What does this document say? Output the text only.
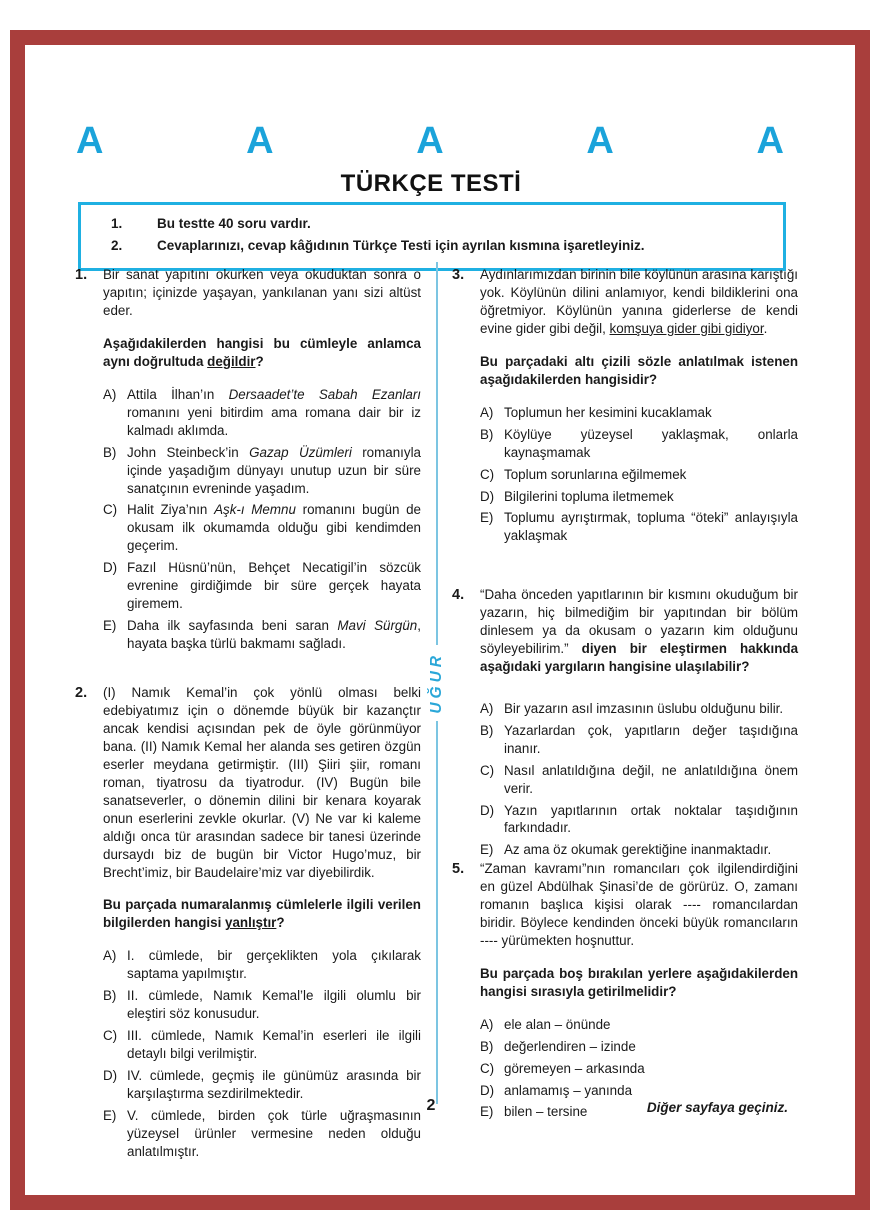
A	A	A	A	A
TÜRKÇE TESTİ
1.	Bu testte 40 soru vardır.
2.	Cevaplarınızı, cevap kâğıdının Türkçe Testi için ayrılan kısmına işaretleyiniz.
1.	Bir sanat yapıtını okurken veya okuduktan sonra o yapıtın; içinizde yaşayan, yankılanan yanı sizi altüst eder.

Aşağıdakilerden hangisi bu cümleyle anlamca aynı doğrultuda değildir?

A) Attila İlhan’ın Dersaadet’te Sabah Ezanları romanını yeni bitirdim ama romana dair bir iz kalmadı aklımda.
B) John Steinbeck’in Gazap Üzümleri romanıyla içinde yaşadığım dünyayı unutup uzun bir süre sanatçının evreninde yaşadım.
C) Halit Ziya’nın Aşk-ı Memnu romanını bugün de okusam ilk okumamda olduğu gibi kendimden geçerim.
D) Fazıl Hüsnü’nün, Behçet Necatigil’in sözcük evrenine girdiğimde bir süre gerçek hayata giremem.
E) Daha ilk sayfasında beni saran Mavi Sürgün, hayata başka türlü bakmamı sağladı.
2.	(I) Namık Kemal’in çok yönlü olması belki edebiyatımız için o dönemde büyük bir kazançtır ancak kendisi açısından pek de öyle görünmüyor bana. (II) Namık Kemal her alanda ses getiren özgün eserler meydana getirmiştir. (III) Şiiri şiir, romanı roman, tiyatrosu da tiyatrodur. (IV) Bugün bile sanatseverler, o dönemin dilini bir kenara koyarak onun eserlerini zevkle okurlar. (V) Ne var ki kaleme aldığı onca tür arasından sadece bir tanesi üzerinde dursaydı biz de bugün bir Victor Hugo’muz, bir Brecht’imiz, bir Baudelaire’miz var diyebilirdik.

Bu parçada numaralanmış cümlelerle ilgili verilen bilgilerden hangisi yanlıştır?

A) I. cümlede, bir gerçeklikten yola çıkılarak saptama yapılmıştır.
B) II. cümlede, Namık Kemal’le ilgili olumlu bir eleştiri söz konusudur.
C) III. cümlede, Namık Kemal’in eserleri ile ilgili detaylı bilgi verilmiştir.
D) IV. cümlede, geçmiş ile günümüz arasında bir karşılaştırma sezdirilmektedir.
E) V. cümlede, birden çok türle uğraşmasının yüzeysel ürünler vermesine neden olduğu anlatılmıştır.
3.	Aydınlarımızdan birinin bile köylünün arasına karıştığı yok. Köylünün dilini anlamıyor, kendi bildiklerini ona öğretmiyor. Köylünün yanına giderlerse de kendi evine gider gibi değil, komşuya gider gibi gidiyor.

Bu parçadaki altı çizili sözle anlatılmak istenen aşağıdakilerden hangisidir?

A) Toplumun her kesimini kucaklamak
B) Köylüye yüzeysel yaklaşmak, onlarla kaynaşmamak
C) Toplum sorunlarına eğilmemek
D) Bilgilerini topluma iletmemek
E) Toplumu ayrıştırmak, topluma “öteki” anlayışıyla yaklaşmak
4.	“Daha önceden yapıtlarının bir kısmını okuduğum bir yazarın, hiç bilmediğim bir yapıtından bir bölüm dinlesem ya da okusam o yazarın kim olduğunu söyleyebilirim.” diyen bir eleştirmen hakkında aşağıdaki yargıların hangisine ulaşılabilir?

A) Bir yazarın asıl imzasının üslubu olduğunu bilir.
B) Yazarlardan çok, yapıtların değer taşıdığına inanır.
C) Nasıl anlatıldığına değil, ne anlatıldığına önem verir.
D) Yazın yapıtlarının ortak noktalar taşıdığının farkındadır.
E) Az ama öz okumak gerektiğine inanmaktadır.
5.	“Zaman kavramı”nın romancıları çok ilgilendirdiğini en güzel Abdülhak Şinasi’de de görürüz. O, zamanı romanın başlıca kişisi olarak ---- romancılardan biridir. Böylece kendinden önceki büyük romancıların ---- yürümekten hoşnuttur.

Bu parçada boş bırakılan yerlere aşağıdakilerden hangisi sırasıyla getirilmelidir?

A) ele alan – önünde
B) değerlendiren – izinde
C) göremeyen – arkasında
D) anlamamış – yanında
E) bilen – tersine
UĞUR
2	Diğer sayfaya geçiniz.
